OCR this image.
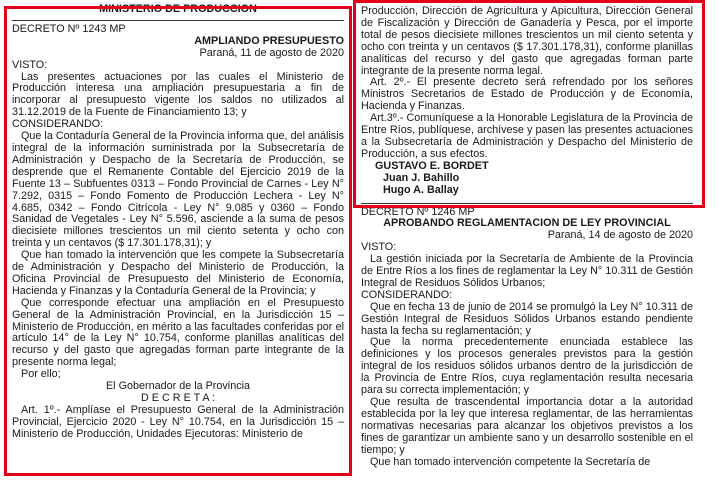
MINISTERIO DE PRODUCCION
DECRETO Nº 1243 MP
AMPLIANDO PRESUPUESTO
Paraná, 11 de agosto de 2020
VISTO:
Las presentes actuaciones por las cuales el Ministerio de Producción interesa una ampliación presupuestaria a fin de incorporar al presupuesto vigente los saldos no utilizados al 31.12.2019 de la Fuente de Financiamiento 13; y
CONSIDERANDO:
Que la Contaduría General de la Provincia informa que, del análisis integral de la información suministrada por la Subsecretaría de Administración y Despacho de la Secretaría de Producción, se desprende que el Remanente Contable del Ejercicio 2019 de la Fuente 13 – Subfuentes 0313 – Fondo Provincial de Carnes - Ley N° 7.292, 0315 – Fondo Fomento de Producción Lechera - Ley N° 4.685, 0342 – Fondo Citrícola - Ley N° 9.085 y 0360 – Fondo Sanidad de Vegetales - Ley N° 5.596, asciende a la suma de pesos diecisiete millones trescientos un mil ciento setenta y ocho con treinta y un centavos ($ 17.301.178,31); y
Que han tomado la intervención que les compete la Subsecretaría de Administración y Despacho del Ministerio de Producción, la Oficina Provincial de Presupuesto del Ministerio de Economía, Hacienda y Finanzas y la Contaduría General de la Provincia; y
Que corresponde efectuar una ampliación en el Presupuesto General de la Administración Provincial, en la Jurisdicción 15 – Ministerio de Producción, en mérito a las facultades conferidas por el artículo 14° de la Ley N° 10.754, conforme planillas analíticas del recurso y del gasto que agregadas forman parte integrante de la presente norma legal;
Por ello;
El Gobernador de la Provincia
D E C R E T A :
Art. 1º.- Amplíase el Presupuesto General de la Administración Provincial, Ejercicio 2020 - Ley N° 10.754, en la Jurisdicción 15 – Ministerio de Producción, Unidades Ejecutoras: Ministerio de
Producción, Dirección de Agricultura y Apicultura, Dirección General de Fiscalización y Dirección de Ganadería y Pesca, por el importe total de pesos diecisiete millones trescientos un mil ciento setenta y ocho con treinta y un centavos ($ 17.301.178,31), conforme planillas analíticas del recurso y del gasto que agregadas forman parte integrante de la presente norma legal.
Art. 2º.- El presente decreto será refrendado por los señores Ministros Secretarios de Estado de Producción y de Economía, Hacienda y Finanzas.
Art.3º.- Comuníquese a la Honorable Legislatura de la Provincia de Entre Ríos, publíquese, archívese y pasen las presentes actuaciones a la Subsecretaría de Administración y Despacho del Ministerio de Producción, a sus efectos.
GUSTAVO E. BORDET
Juan J. Bahillo
Hugo A. Ballay
DECRETO Nº 1246 MP
APROBANDO REGLAMENTACION DE LEY PROVINCIAL
Paraná, 14 de agosto de 2020
VISTO:
La gestión iniciada por la Secretaría de Ambiente de la Provincia de Entre Ríos a los fines de reglamentar la Ley N° 10.311 de Gestión Integral de Residuos Sólidos Urbanos;
CONSIDERANDO:
Que en fecha 13 de junio de 2014 se promulgó la Ley N° 10.311 de Gestión Integral de Residuos Sólidos Urbanos estando pendiente hasta la fecha su reglamentación; y
Que la norma precedentemente enunciada establece las definiciones y los procesos generales previstos para la gestión integral de los residuos sólidos urbanos dentro de la jurisdicción de la Provincia de Entre Ríos, cuya reglamentación resulta necesaria para su correcta implementación; y
Que resulta de trascendental importancia dotar a la autoridad establecida por la ley que interesa reglamentar, de las herramientas normativas necesarias para alcanzar los objetivos previstos a los fines de garantizar un ambiente sano y un desarrollo sostenible en el tiempo; y
Que han tomado intervención competente la Secretaría de
